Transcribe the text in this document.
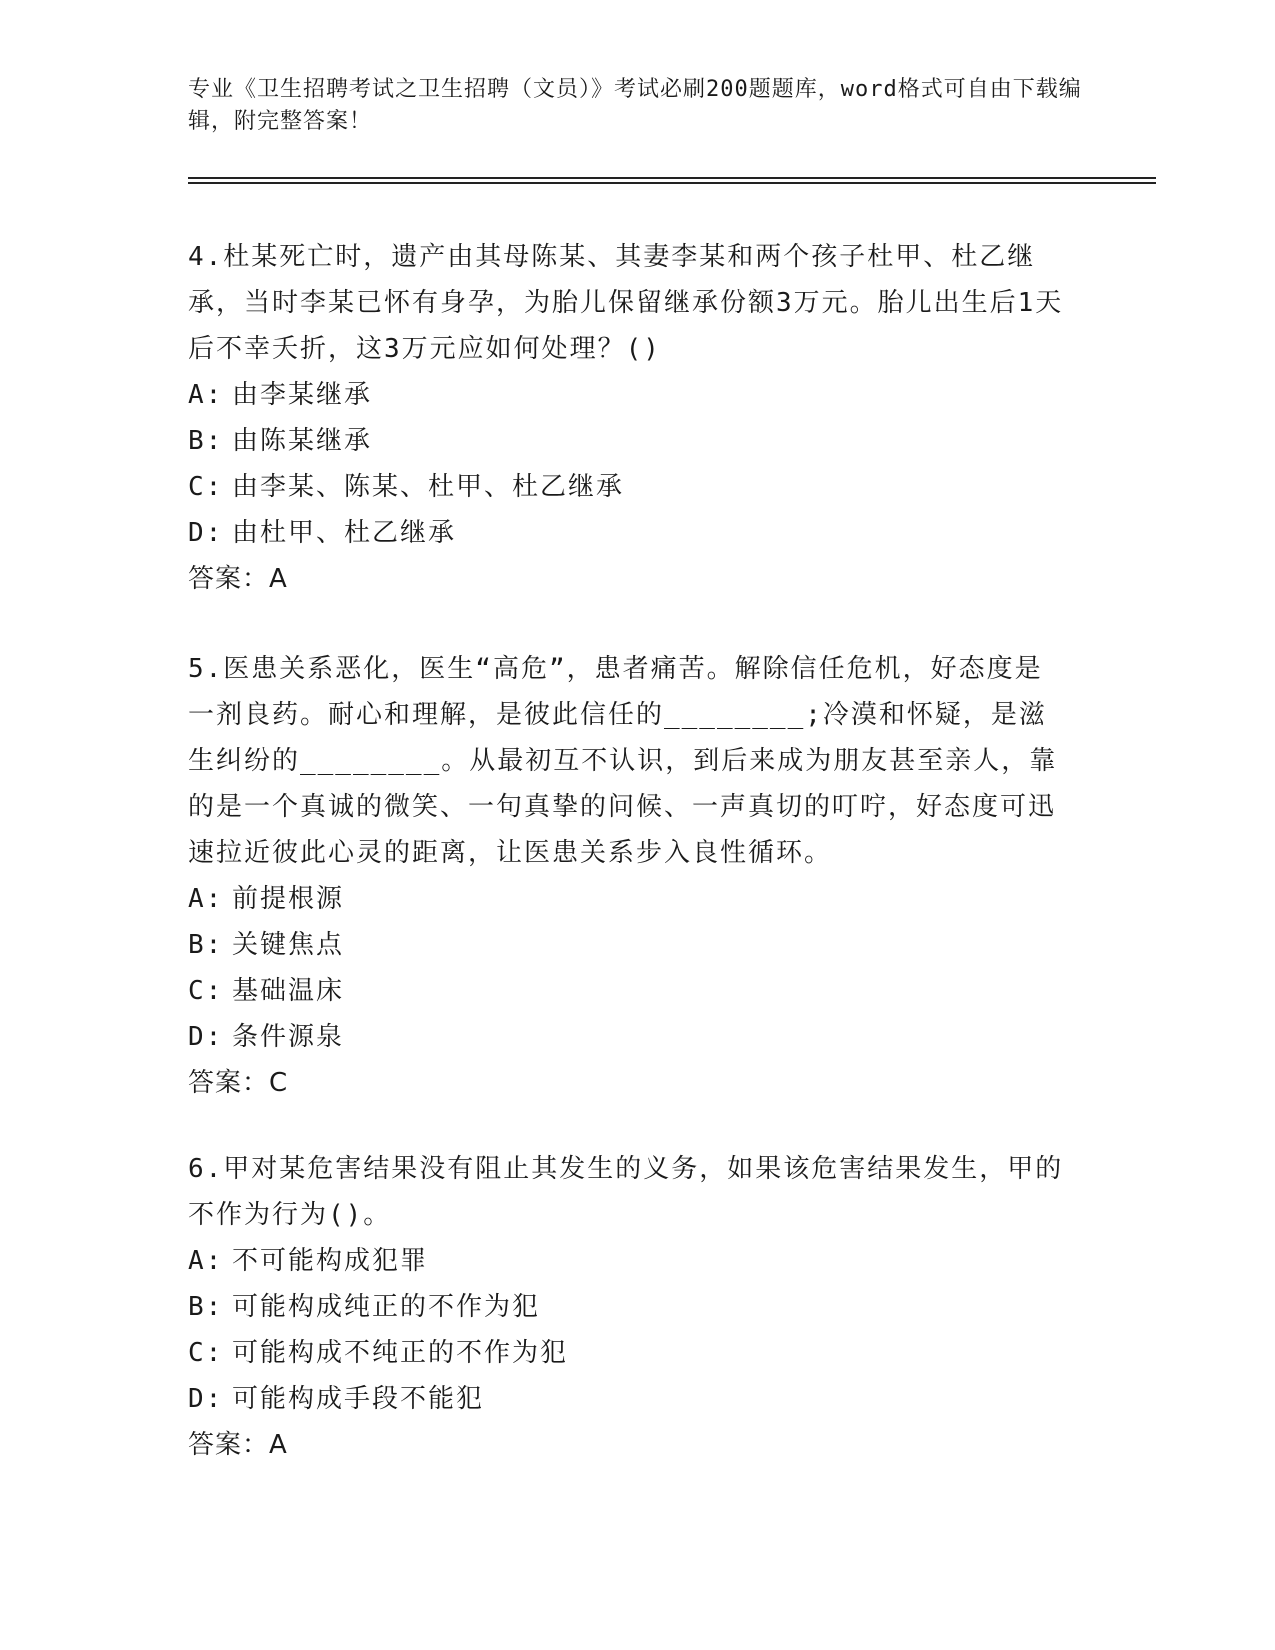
专业《卫生招聘考试之卫生招聘（文员）》考试必刷200题题库，word格式可自由下载编辑，附完整答案！
4.杜某死亡时，遗产由其母陈某、其妻李某和两个孩子杜甲、杜乙继承，当时李某已怀有身孕，为胎儿保留继承份额3万元。胎儿出生后1天后不幸夭折，这3万元应如何处理？()
A: 由李某继承
B: 由陈某继承
C: 由李某、陈某、杜甲、杜乙继承
D: 由杜甲、杜乙继承
答案：A
5.医患关系恶化，医生“高危”，患者痛苦。解除信任危机，好态度是一剂良药。耐心和理解，是彼此信任的________;冷漠和怀疑，是滋生纠纷的________。从最初互不认识，到后来成为朋友甚至亲人，靠的是一个真诚的微笑、一句真挚的问候、一声真切的叮咛，好态度可迅速拉近彼此心灵的距离，让医患关系步入良性循环。
A: 前提根源
B: 关键焦点
C: 基础温床
D: 条件源泉
答案：C
6.甲对某危害结果没有阻止其发生的义务，如果该危害结果发生，甲的不作为行为()。
A: 不可能构成犯罪
B: 可能构成纯正的不作为犯
C: 可能构成不纯正的不作为犯
D: 可能构成手段不能犯
答案：A
